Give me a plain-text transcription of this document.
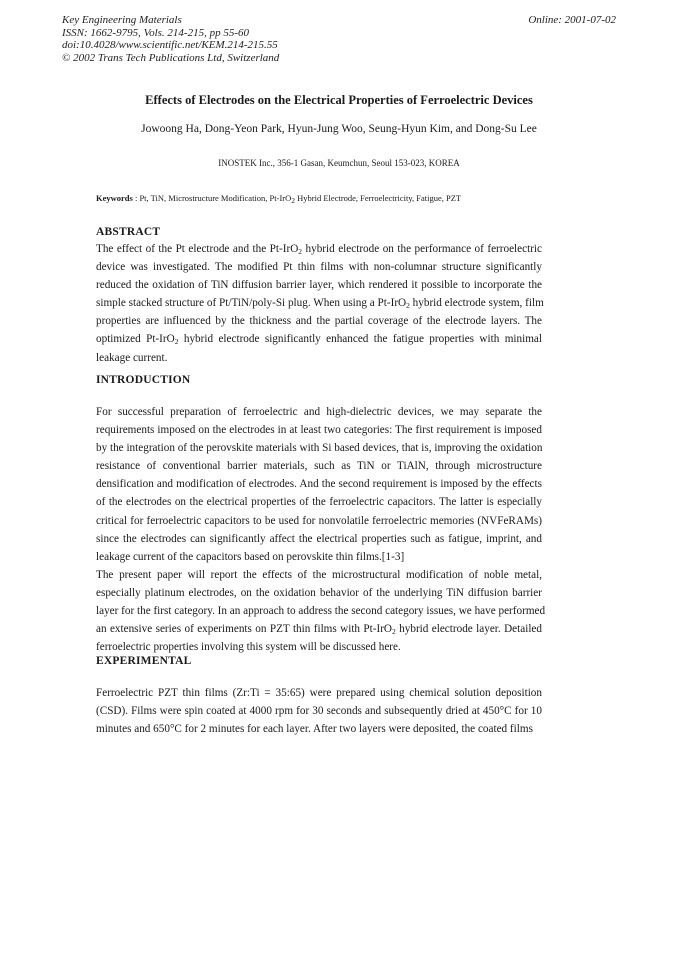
Key Engineering Materials
ISSN: 1662-9795, Vols. 214-215, pp 55-60
doi:10.4028/www.scientific.net/KEM.214-215.55
© 2002 Trans Tech Publications Ltd, Switzerland
Online: 2001-07-02
Effects of Electrodes on the Electrical Properties of Ferroelectric Devices
Jowoong Ha, Dong-Yeon Park, Hyun-Jung Woo, Seung-Hyun Kim, and Dong-Su Lee
INOSTEK Inc., 356-1 Gasan, Keumchun, Seoul 153-023, KOREA
Keywords : Pt, TiN, Microstructure Modification, Pt-IrO$_2$ Hybrid Electrode, Ferroelectricity, Fatigue, PZT
ABSTRACT
The effect of the Pt electrode and the Pt-IrO$_2$ hybrid electrode on the performance of ferroelectric
device was investigated. The modified Pt thin films with non-columnar structure significantly
reduced the oxidation of TiN diffusion barrier layer, which rendered it possible to incorporate the
simple stacked structure of Pt/TiN/poly-Si plug. When using a Pt-IrO$_2$ hybrid electrode system, film
properties are influenced by the thickness and the partial coverage of the electrode layers. The
optimized Pt-IrO$_2$ hybrid electrode significantly enhanced the fatigue properties with minimal
leakage current.
INTRODUCTION
For successful preparation of ferroelectric and high-dielectric devices, we may separate the
requirements imposed on the electrodes in at least two categories: The first requirement is imposed
by the integration of the perovskite materials with Si based devices, that is, improving the oxidation
resistance of conventional barrier materials, such as TiN or TiAlN, through microstructure
densification and modification of electrodes. And the second requirement is imposed by the effects
of the electrodes on the electrical properties of the ferroelectric capacitors. The latter is especially
critical for ferroelectric capacitors to be used for nonvolatile ferroelectric memories (NVFeRAMs)
since the electrodes can significantly affect the electrical properties such as fatigue, imprint, and
leakage current of the capacitors based on perovskite thin films.[1-3]
The present paper will report the effects of the microstructural modification of noble metal,
especially platinum electrodes, on the oxidation behavior of the underlying TiN diffusion barrier
layer for the first category. In an approach to address the second category issues, we have performed
an extensive series of experiments on PZT thin films with Pt-IrO$_2$ hybrid electrode layer. Detailed
ferroelectric properties involving this system will be discussed here.
EXPERIMENTAL
Ferroelectric PZT thin films (Zr:Ti = 35:65) were prepared using chemical solution deposition
(CSD). Films were spin coated at 4000 rpm for 30 seconds and subsequently dried at 450°C for 10
minutes and 650°C for 2 minutes for each layer. After two layers were deposited, the coated films
